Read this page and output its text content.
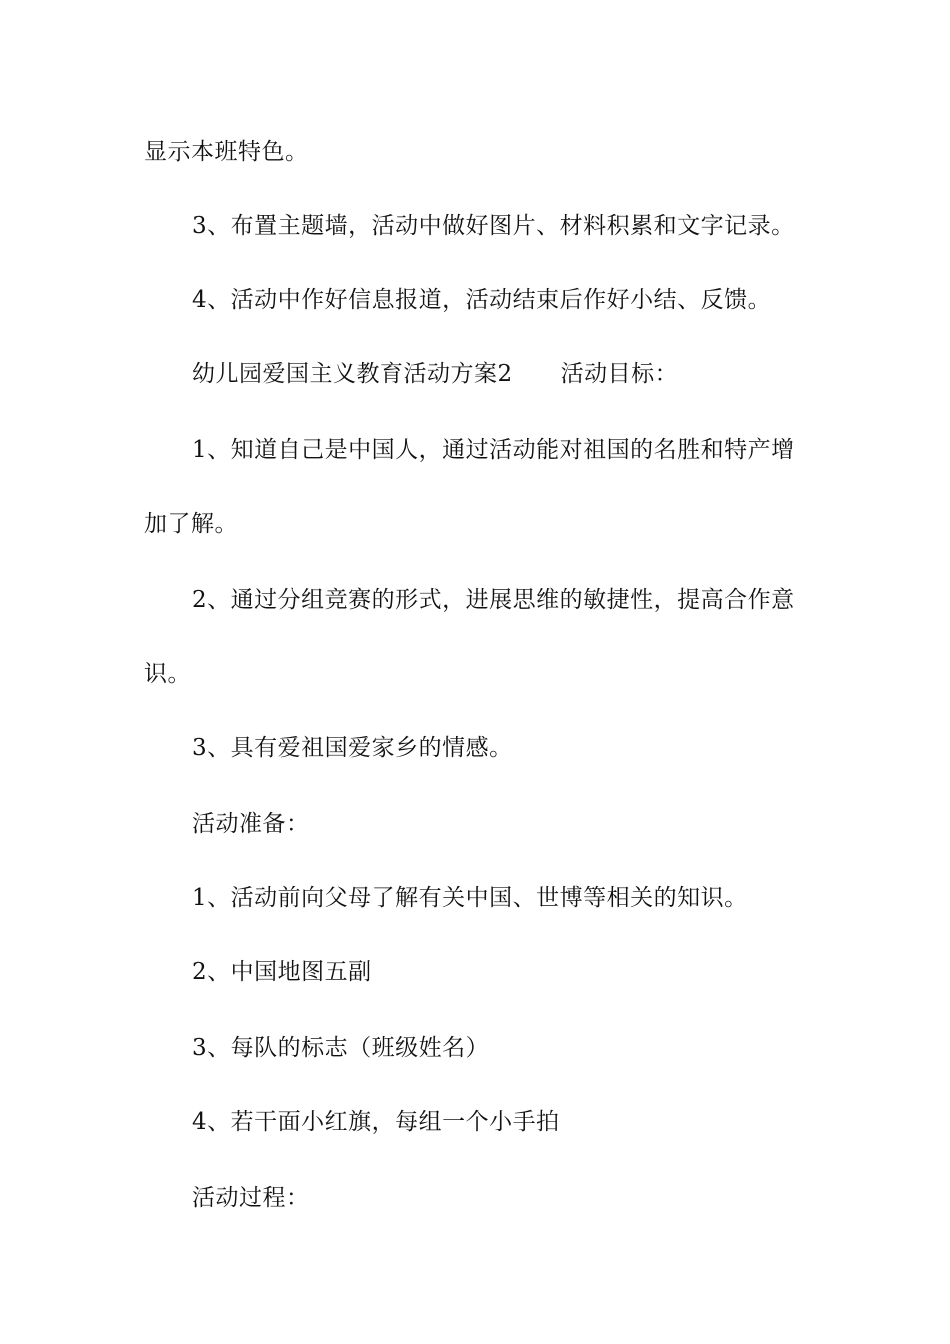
显示本班特色。
3、布置主题墙，活动中做好图片、材料积累和文字记录。
4、活动中作好信息报道，活动结束后作好小结、反馈。
幼儿园爱国主义教育活动方案2 活动目标：
1、知道自己是中国人，通过活动能对祖国的名胜和特产增
加了解。
2、通过分组竞赛的形式，进展思维的敏捷性，提高合作意
识。
3、具有爱祖国爱家乡的情感。
活动准备：
1、活动前向父母了解有关中国、世博等相关的知识。
2、中国地图五副
3、每队的标志（班级姓名）
4、若干面小红旗，每组一个小手拍
活动过程：
